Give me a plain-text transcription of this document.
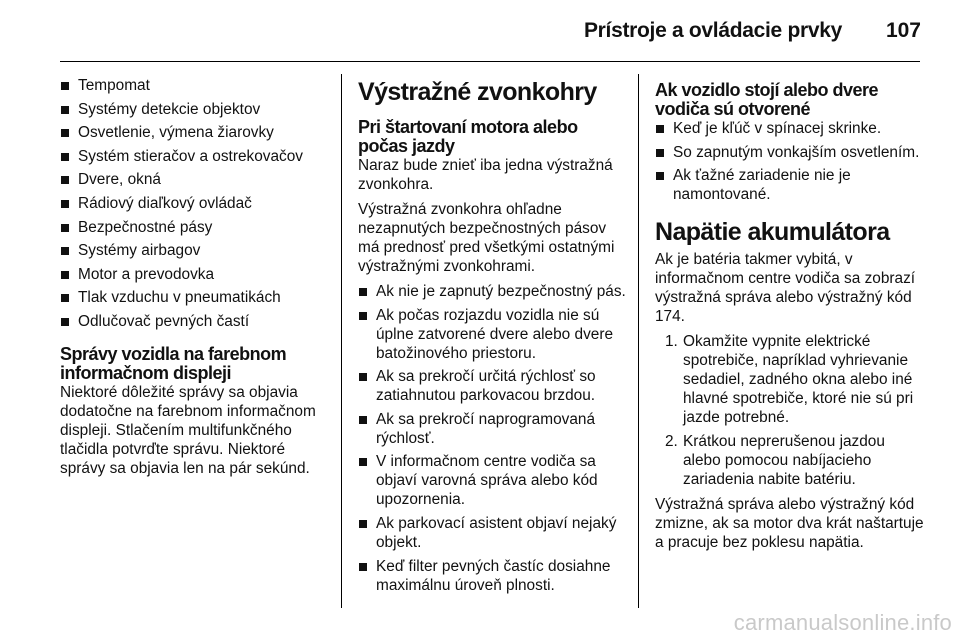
Prístroje a ovládacie prvky 107
Tempomat
Systémy detekcie objektov
Osvetlenie, výmena žiarovky
Systém stieračov a ostrekovačov
Dvere, okná
Rádiový diaľkový ovládač
Bezpečnostné pásy
Systémy airbagov
Motor a prevodovka
Tlak vzduchu v pneumatikách
Odlučovač pevných častí
Správy vozidla na farebnom informačnom displeji

Niektoré dôležité správy sa objavia dodatočne na farebnom informačnom displeji. Stlačením multifunkčného tlačidla potvrďte správu. Niektoré správy sa objavia len na pár sekúnd.

Výstražné zvonkohry
Pri štartovaní motora alebo počas jazdy

Naraz bude znieť iba jedna výstražná zvonkohra.

Výstražná zvonkohra ohľadne nezapnutých bezpečnostných pásov má prednosť pred všetkými ostatnými výstražnými zvonkohrami.

Ak nie je zapnutý bezpečnostný pás.
Ak počas rozjazdu vozidla nie sú úplne zatvorené dvere alebo dvere batožinového priestoru.
Ak sa prekročí určitá rýchlosť so zatiahnutou parkovacou brzdou.
Ak sa prekročí naprogramovaná rýchlosť.
V informačnom centre vodiča sa objaví varovná správa alebo kód upozornenia.
Ak parkovací asistent objaví nejaký objekt.
Keď filter pevných častíc dosiahne maximálnu úroveň plnosti.
Ak vozidlo stojí alebo dvere vodiča sú otvorené
Keď je kľúč v spínacej skrinke.
So zapnutým vonkajším osvetlením.
Ak ťažné zariadenie nie je namontované.
Napätie akumulátora

Ak je batéria takmer vybitá, v informačnom centre vodiča sa zobrazí výstražná správa alebo výstražný kód 174.

1. Okamžite vypnite elektrické spotrebiče, napríklad vyhrievanie sedadiel, zadného okna alebo iné hlavné spotrebiče, ktoré nie sú pri jazde potrebné.
2. Krátkou neprerušenou jazdou alebo pomocou nabíjacieho zariadenia nabite batériu.

Výstražná správa alebo výstražný kód zmizne, ak sa motor dva krát naštartuje a pracuje bez poklesu napätia.

carmanualsonline.info
